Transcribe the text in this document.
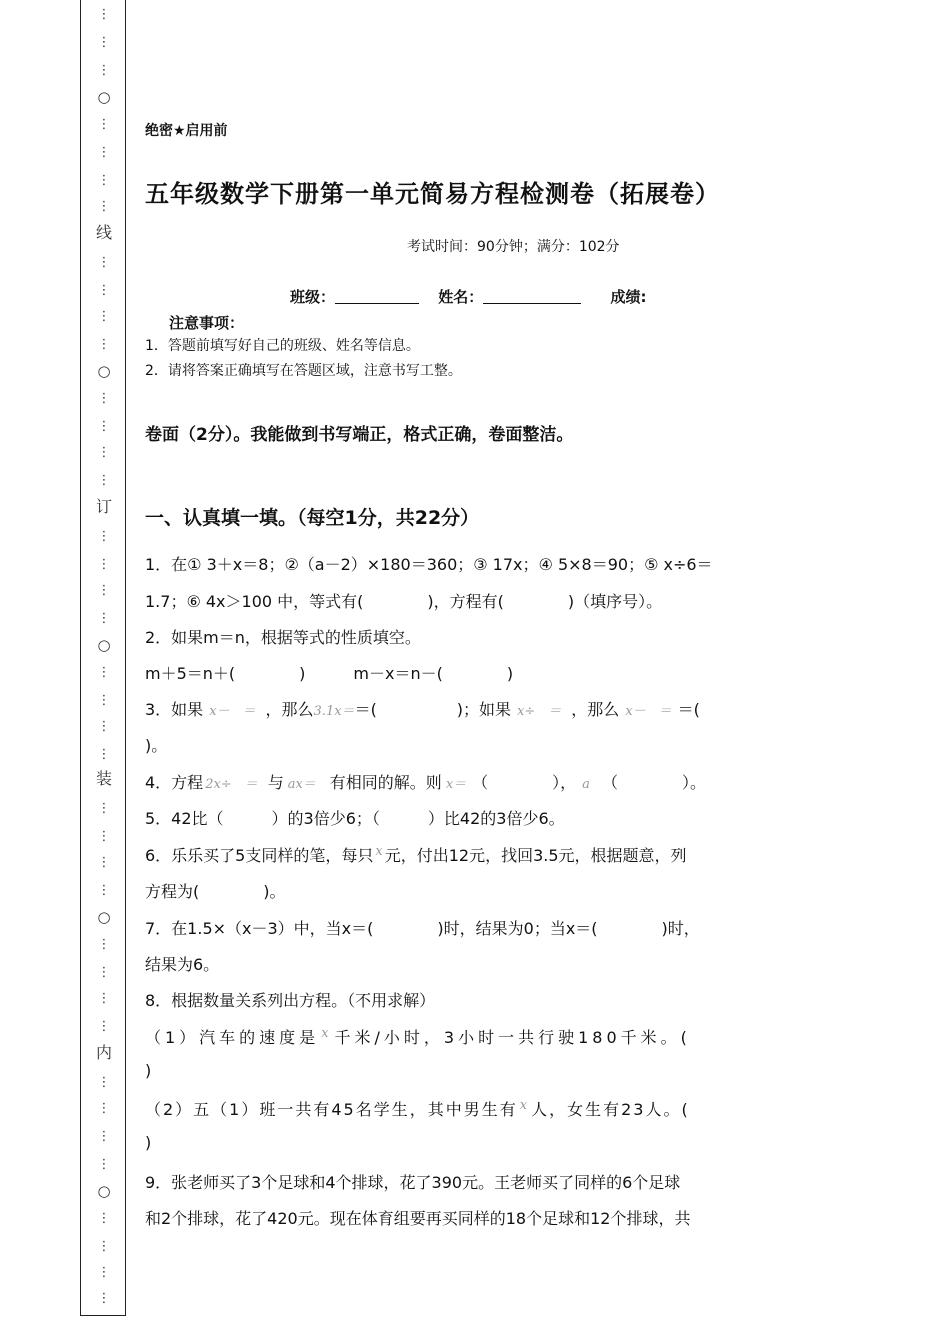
⋮
⋮
⋮
○
⋮
⋮
⋮
⋮
线
⋮
⋮
⋮
⋮
○
⋮
⋮
⋮
⋮
订
⋮
⋮
⋮
⋮
○
⋮
⋮
⋮
⋮
装
⋮
⋮
⋮
⋮
○
⋮
⋮
⋮
⋮
内
⋮
⋮
⋮
⋮
○
⋮
⋮
⋮
⋮
绝密★启用前
五年级数学下册第一单元简易方程检测卷（拓展卷）
考试时间：90分钟；满分：102分
班级：	姓名：	成绩:
注意事项：
1．答题前填写好自己的班级、姓名等信息。
2．请将答案正确填写在答题区域，注意书写工整。
卷面（2分）。我能做到书写端正，格式正确，卷面整洁。
一、认真填一填。（每空1分，共22分）
1．在① 3＋x＝8；②（a－2）×180＝360；③ 17x；④ 5×8＝90；⑤ x÷6＝
1.7；⑥ 4x＞100 中，等式有(　　　　)，方程有(　　　　)（填序号）。
2．如果m＝n，根据等式的性质填空。
m＋5＝n＋(　　　　)　　　m－x＝n－(　　　　)
3．如果 x－　＝ ，那么3.1x＝＝(　　　　　)；如果 x÷　＝ ，那么 x－　＝ ＝(
)。
4．方程 2x÷　＝ 与 ax＝ 有相同的解。则 x＝ （　　　　）， a （　　　　）。
5．42比（　　　）的3倍少6；（　　　）比42的3倍少6。
6．乐乐买了5支同样的笔，每只 $^x$ 元，付出12元，找回3.5元，根据题意，列
方程为(　　　　)。
7．在1.5×（x－3）中，当x＝(　　　　)时，结果为0；当x＝(　　　　)时，
结果为6。
8．根据数量关系列出方程。（不用求解）
（1）汽车的速度是 $^x$ 千米/小时，3小时一共行驶180千米。(
)
（2）五（1）班一共有45名学生，其中男生有 $^x$ 人，女生有23人。(
)
9．张老师买了3个足球和4个排球，花了390元。王老师买了同样的6个足球
和2个排球，花了420元。现在体育组要再买同样的18个足球和12个排球，共
